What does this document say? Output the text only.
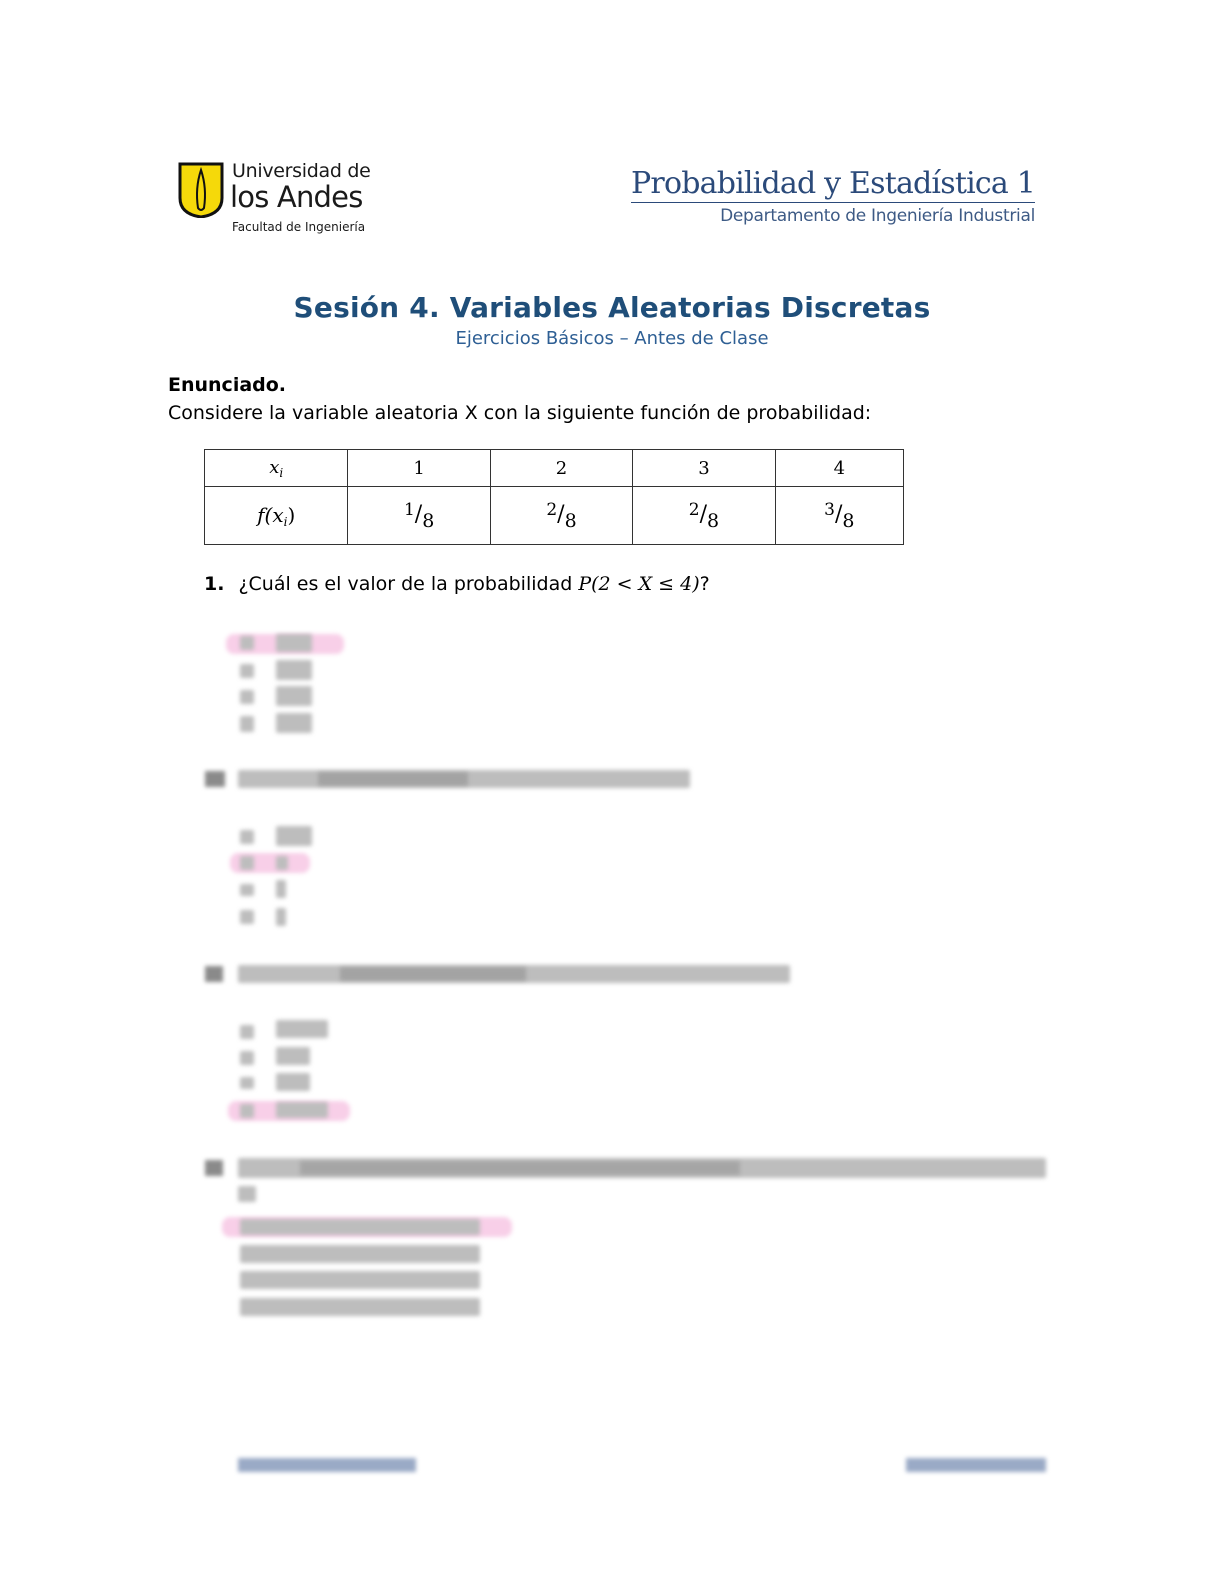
Universidad de
los Andes
Facultad de Ingeniería
Probabilidad y Estadística 1
Departamento de Ingeniería Industrial
Sesión 4. Variables Aleatorias Discretas
Ejercicios Básicos – Antes de Clase
Enunciado.
Considere la variable aleatoria X con la siguiente función de probabilidad:
$x_i$	1	2	3	4
$f(x_i)$	$^1$/8	$^2$/8	$^2$/8	$^3$/8
1. ¿Cuál es el valor de la probabilidad P(2 < X ≤ 4)?
